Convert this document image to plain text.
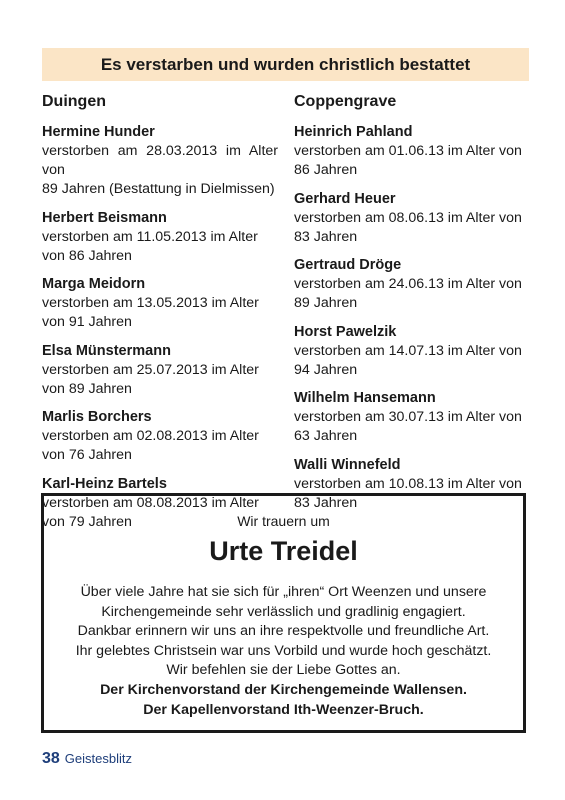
Es verstarben und wurden christlich bestattet
Duingen
Hermine Hunder
verstorben am 28.03.2013 im Alter von
89 Jahren (Bestattung in Dielmissen)
Herbert Beismann
verstorben am 11.05.2013 im Alter
von 86 Jahren
Marga Meidorn
verstorben am 13.05.2013 im Alter
von 91 Jahren
Elsa Münstermann
verstorben am 25.07.2013 im Alter
von 89 Jahren
Marlis Borchers
verstorben am 02.08.2013 im Alter
von 76 Jahren
Karl-Heinz Bartels
verstorben am 08.08.2013 im Alter
von 79 Jahren
Coppengrave
Heinrich Pahland
verstorben am 01.06.13 im Alter von
86 Jahren
Gerhard Heuer
verstorben am 08.06.13 im Alter von
83 Jahren
Gertraud Dröge
verstorben am 24.06.13 im Alter von
89 Jahren
Horst Pawelzik
verstorben am 14.07.13 im Alter von
94 Jahren
Wilhelm Hansemann
verstorben am 30.07.13 im Alter von
63 Jahren
Walli Winnefeld
verstorben am 10.08.13 im Alter von
83 Jahren
Wir trauern um
Urte Treidel
Über viele Jahre hat sie sich für „ihren“ Ort Weenzen und unsere
Kirchengemeinde sehr verlässlich und gradlinig engagiert.
Dankbar erinnern wir uns an ihre respektvolle und freundliche Art.
Ihr gelebtes Christsein war uns Vorbild und wurde hoch geschätzt.
Wir befehlen sie der Liebe Gottes an.
Der Kirchenvorstand der Kirchengemeinde Wallensen.
Der Kapellenvorstand Ith-Weenzer-Bruch.
38 Geistesblitz
